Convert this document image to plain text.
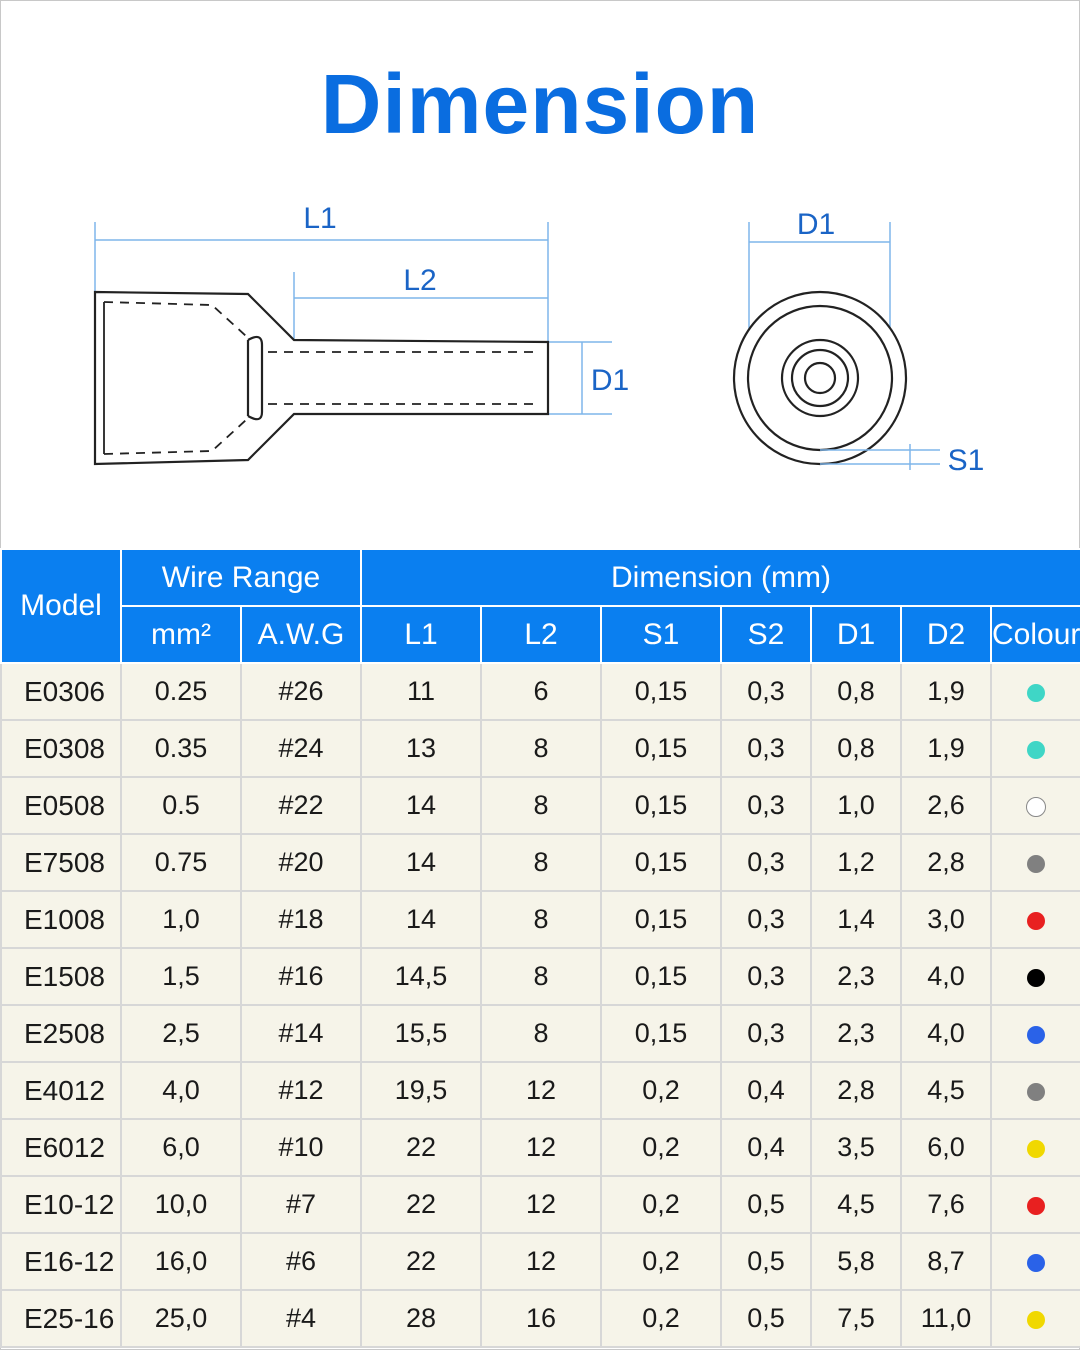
Dimension
L1
L2
D1
D1
S1
Model	Wire Range		Dimension (mm)						
	mm²	A.W.G	L1	L2	S1	S2	D1	D2	Colour
E0306	0.25	#26	11	6	0,15	0,3	0,8	1,9	
E0308	0.35	#24	13	8	0,15	0,3	0,8	1,9	
E0508	0.5	#22	14	8	0,15	0,3	1,0	2,6	
E7508	0.75	#20	14	8	0,15	0,3	1,2	2,8	
E1008	1,0	#18	14	8	0,15	0,3	1,4	3,0	
E1508	1,5	#16	14,5	8	0,15	0,3	2,3	4,0	
E2508	2,5	#14	15,5	8	0,15	0,3	2,3	4,0	
E4012	4,0	#12	19,5	12	0,2	0,4	2,8	4,5	
E6012	6,0	#10	22	12	0,2	0,4	3,5	6,0	
E10-12	10,0	#7	22	12	0,2	0,5	4,5	7,6	
E16-12	16,0	#6	22	12	0,2	0,5	5,8	8,7	
E25-16	25,0	#4	28	16	0,2	0,5	7,5	11,0	
